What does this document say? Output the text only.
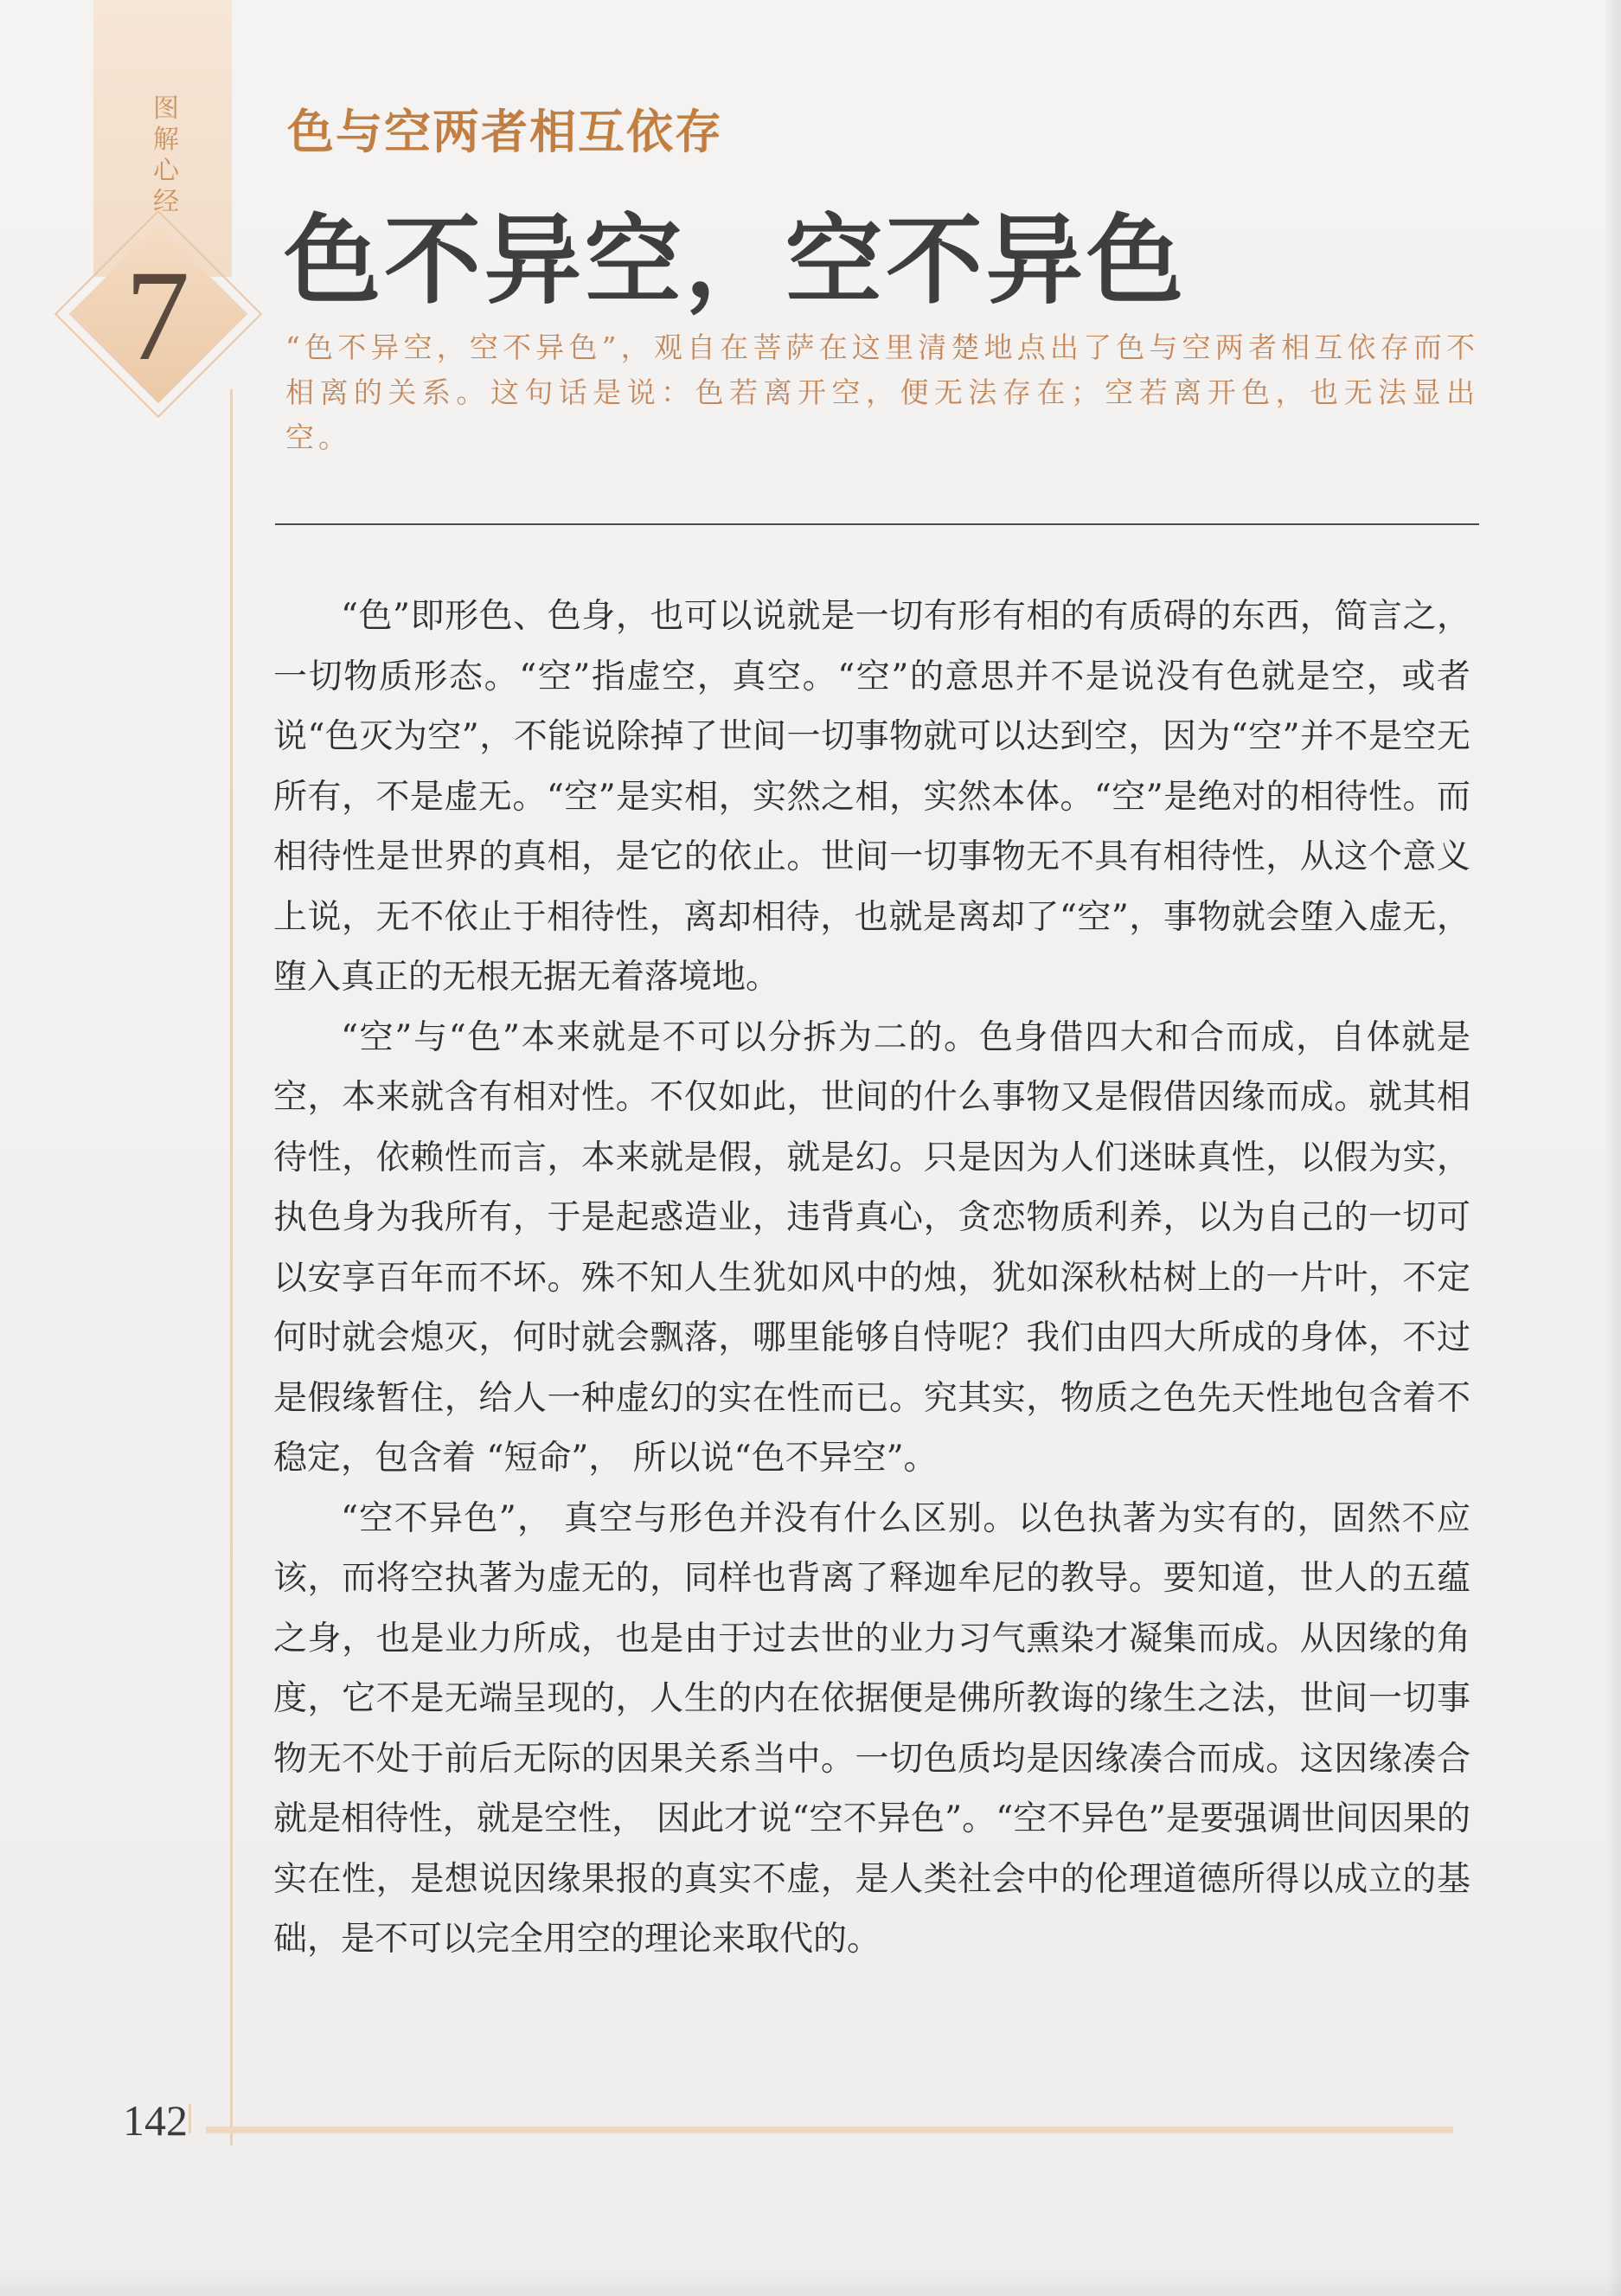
图
解
心
经
7
色与空两者相互依存
色不异空，空不异色

“色不异空，空不异色”，观自在菩萨在这里清楚地点出了色与空两者相互依存而不相离的关系。这句话是说：色若离开空，便无法存在；空若离开色，也无法显出空。

“色”即形色、色身，也可以说就是一切有形有相的有质碍的东西，简言之，一切物质形态。“空”指虚空，真空。“空”的意思并不是说没有色就是空，或者说“色灭为空”，不能说除掉了世间一切事物就可以达到空，因为“空”并不是空无所有，不是虚无。“空”是实相，实然之相，实然本体。“空”是绝对的相待性。而相待性是世界的真相，是它的依止。世间一切事物无不具有相待性，从这个意义上说，无不依止于相待性，离却相待，也就是离却了“空”，事物就会堕入虚无，堕入真正的无根无据无着落境地。

“空”与“色”本来就是不可以分拆为二的。色身借四大和合而成，自体就是空，本来就含有相对性。不仅如此，世间的什么事物又是假借因缘而成。就其相待性，依赖性而言，本来就是假，就是幻。只是因为人们迷昧真性，以假为实，执色身为我所有，于是起惑造业，违背真心，贪恋物质利养，以为自己的一切可以安享百年而不坏。殊不知人生犹如风中的烛，犹如深秋枯树上的一片叶，不定何时就会熄灭，何时就会飘落，哪里能够自恃呢？我们由四大所成的身体，不过是假缘暂住，给人一种虚幻的实在性而已。究其实，物质之色先天性地包含着不稳定，包含着 “短命”， 所以说“色不异空”。

“空不异色”， 真空与形色并没有什么区别。以色执著为实有的，固然不应该，而将空执著为虚无的，同样也背离了释迦牟尼的教导。要知道，世人的五蕴之身，也是业力所成，也是由于过去世的业力习气熏染才凝集而成。从因缘的角度，它不是无端呈现的，人生的内在依据便是佛所教诲的缘生之法，世间一切事物无不处于前后无际的因果关系当中。一切色质均是因缘凑合而成。这因缘凑合就是相待性，就是空性， 因此才说“空不异色”。“空不异色”是要强调世间因果的实在性，是想说因缘果报的真实不虚，是人类社会中的伦理道德所得以成立的基础，是不可以完全用空的理论来取代的。

142
